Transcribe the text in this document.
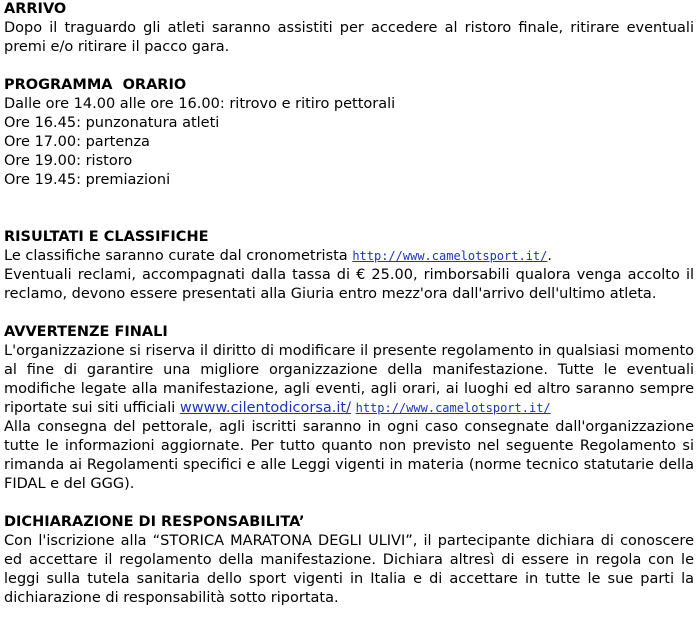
ARRIVO

Dopo il traguardo gli atleti saranno assistiti per accedere al ristoro finale, ritirare eventuali premi e/o ritirare il pacco gara.

PROGRAMMA  ORARIO
Dalle ore 14.00 alle ore 16.00: ritrovo e ritiro pettorali
Ore 16.45: punzonatura atleti
Ore 17.00: partenza
Ore 19.00: ristoro
Ore 19.45: premiazioni
RISULTATI E CLASSIFICHE

Le classifiche saranno curate dal cronometrista http://www.camelotsport.it/.

Eventuali reclami, accompagnati dalla tassa di € 25.00, rimborsabili qualora venga accolto il reclamo, devono essere presentati alla Giuria entro mezz'ora dall'arrivo dell'ultimo atleta.

AVVERTENZE FINALI

L'organizzazione si riserva il diritto di modificare il presente regolamento in qualsiasi momento al fine di garantire una migliore organizzazione della manifestazione. Tutte le eventuali modifiche legate alla manifestazione, agli eventi, agli orari, ai luoghi ed altro saranno sempre riportate sui siti ufficiali wwww.cilentodicorsa.it/ http://www.camelotsport.it/

Alla consegna del pettorale, agli iscritti saranno in ogni caso consegnate dall'organizzazione tutte le informazioni aggiornate. Per tutto quanto non previsto nel seguente Regolamento si rimanda ai Regolamenti specifici e alle Leggi vigenti in materia (norme tecnico statutarie della FIDAL e del GGG).

DICHIARAZIONE DI RESPONSABILITA’

Con l'iscrizione alla “STORICA MARATONA DEGLI ULIVI”, il partecipante dichiara di conoscere ed accettare il regolamento della manifestazione. Dichiara altresì di essere in regola con le leggi sulla tutela sanitaria dello sport vigenti in Italia e di accettare in tutte le sue parti la dichiarazione di responsabilità sotto riportata.
